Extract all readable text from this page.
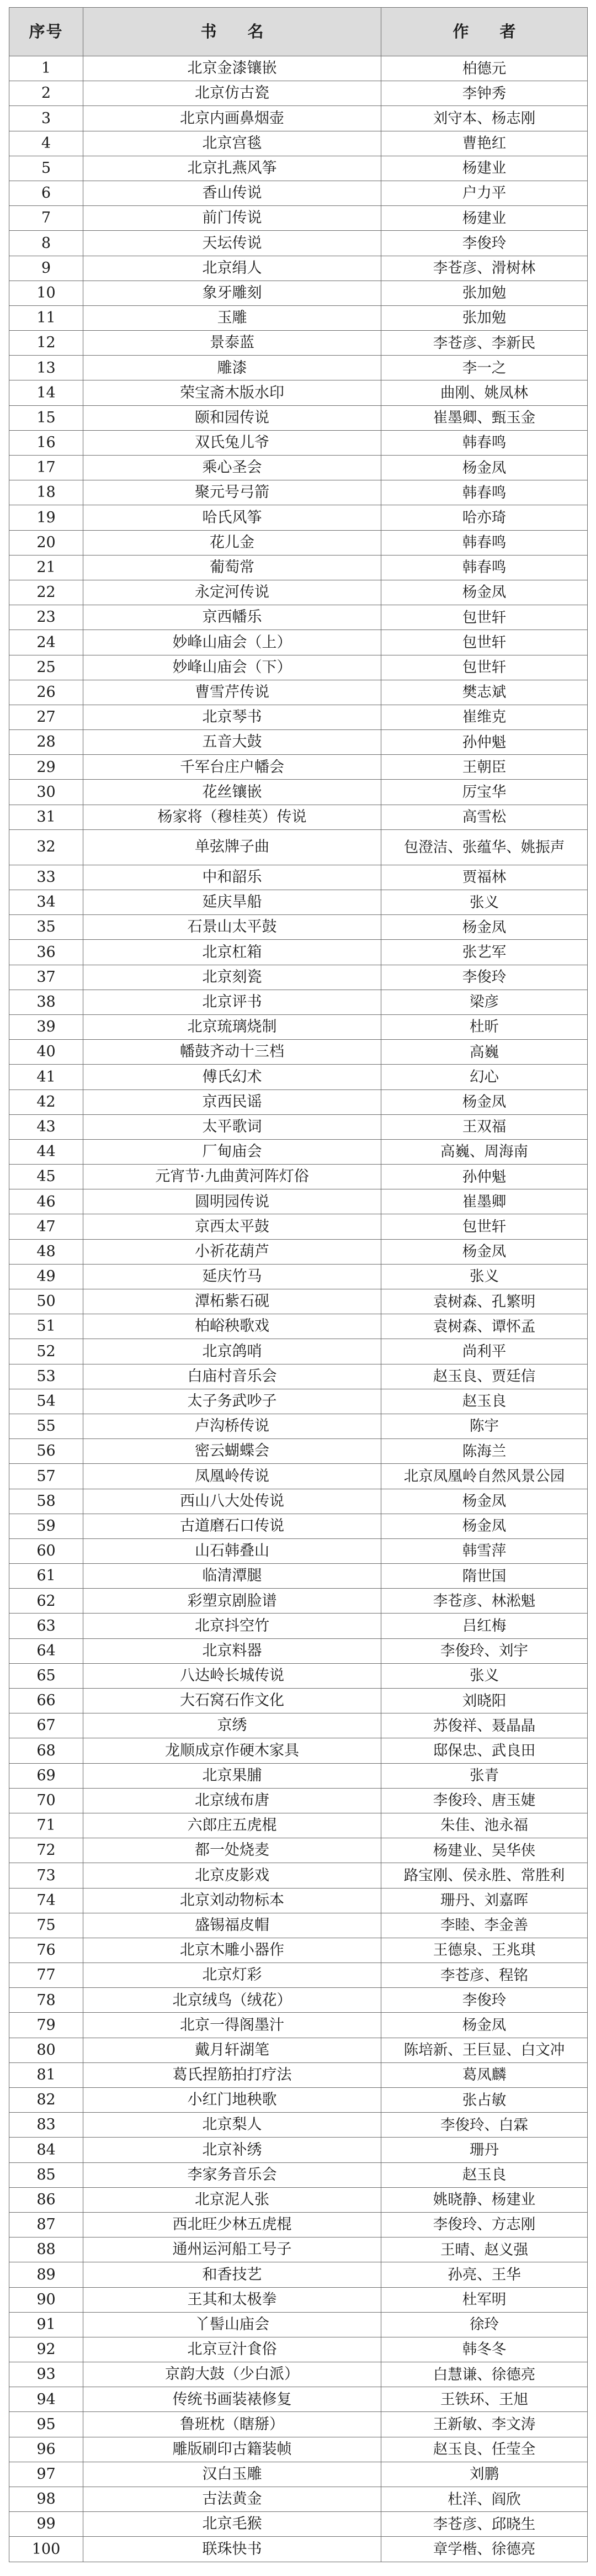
序号	书名	作者
1	北京金漆镶嵌	柏德元
2	北京仿古瓷	李钟秀
3	北京内画鼻烟壶	刘守本、杨志刚
4	北京宫毯	曹艳红
5	北京扎燕风筝	杨建业
6	香山传说	户力平
7	前门传说	杨建业
8	天坛传说	李俊玲
9	北京绢人	李苍彦、滑树林
10	象牙雕刻	张加勉
11	玉雕	张加勉
12	景泰蓝	李苍彦、李新民
13	雕漆	李一之
14	荣宝斋木版水印	曲刚、姚凤林
15	颐和园传说	崔墨卿、甄玉金
16	双氏兔儿爷	韩春鸣
17	乘心圣会	杨金凤
18	聚元号弓箭	韩春鸣
19	哈氏风筝	哈亦琦
20	花儿金	韩春鸣
21	葡萄常	韩春鸣
22	永定河传说	杨金凤
23	京西幡乐	包世轩
24	妙峰山庙会（上）	包世轩
25	妙峰山庙会（下）	包世轩
26	曹雪芹传说	樊志斌
27	北京琴书	崔维克
28	五音大鼓	孙仲魁
29	千军台庄户幡会	王朝臣
30	花丝镶嵌	厉宝华
31	杨家将（穆桂英）传说	高雪松
32	单弦牌子曲	包澄洁、张蕴华、姚振声
33	中和韶乐	贾福林
34	延庆旱船	张义
35	石景山太平鼓	杨金凤
36	北京杠箱	张艺军
37	北京刻瓷	李俊玲
38	北京评书	梁彦
39	北京琉璃烧制	杜昕
40	幡鼓齐动十三档	高巍
41	傅氏幻术	幻心
42	京西民谣	杨金凤
43	太平歌词	王双福
44	厂甸庙会	高巍、周海南
45	元宵节·九曲黄河阵灯俗	孙仲魁
46	圆明园传说	崔墨卿
47	京西太平鼓	包世轩
48	小祈花葫芦	杨金凤
49	延庆竹马	张义
50	潭柘紫石砚	袁树森、孔繁明
51	柏峪秧歌戏	袁树森、谭怀孟
52	北京鸽哨	尚利平
53	白庙村音乐会	赵玉良、贾廷信
54	太子务武吵子	赵玉良
55	卢沟桥传说	陈宇
56	密云蝴蝶会	陈海兰
57	凤凰岭传说	北京凤凰岭自然风景公园
58	西山八大处传说	杨金凤
59	古道磨石口传说	杨金凤
60	山石韩叠山	韩雪萍
61	临清潭腿	隋世国
62	彩塑京剧脸谱	李苍彦、林淞魁
63	北京抖空竹	吕红梅
64	北京料器	李俊玲、刘宇
65	八达岭长城传说	张义
66	大石窝石作文化	刘晓阳
67	京绣	苏俊祥、聂晶晶
68	龙顺成京作硬木家具	邸保忠、武良田
69	北京果脯	张青
70	北京绒布唐	李俊玲、唐玉婕
71	六郎庄五虎棍	朱佳、池永福
72	都一处烧麦	杨建业、吴华侠
73	北京皮影戏	路宝刚、侯永胜、常胜利
74	北京刘动物标本	珊丹、刘嘉晖
75	盛锡福皮帽	李睦、李金善
76	北京木雕小器作	王德泉、王兆琪
77	北京灯彩	李苍彦、程铭
78	北京绒鸟（绒花）	李俊玲
79	北京一得阁墨汁	杨金凤
80	戴月轩湖笔	陈培新、王巨显、白文冲
81	葛氏捏筋拍打疗法	葛凤麟
82	小红门地秧歌	张占敏
83	北京梨人	李俊玲、白霖
84	北京补绣	珊丹
85	李家务音乐会	赵玉良
86	北京泥人张	姚晓静、杨建业
87	西北旺少林五虎棍	李俊玲、方志刚
88	通州运河船工号子	王晴、赵义强
89	和香技艺	孙亮、王华
90	王其和太极拳	杜军明
91	丫髻山庙会	徐玲
92	北京豆汁食俗	韩冬冬
93	京韵大鼓（少白派）	白慧谦、徐德亮
94	传统书画装裱修复	王铁环、王旭
95	鲁班枕（瞎掰）	王新敏、李文涛
96	雕版刷印古籍装帧	赵玉良、任莹全
97	汉白玉雕	刘鹏
98	古法黄金	杜洋、阎欣
99	北京毛猴	李苍彦、邱晓生
100	联珠快书	章学楷、徐德亮
